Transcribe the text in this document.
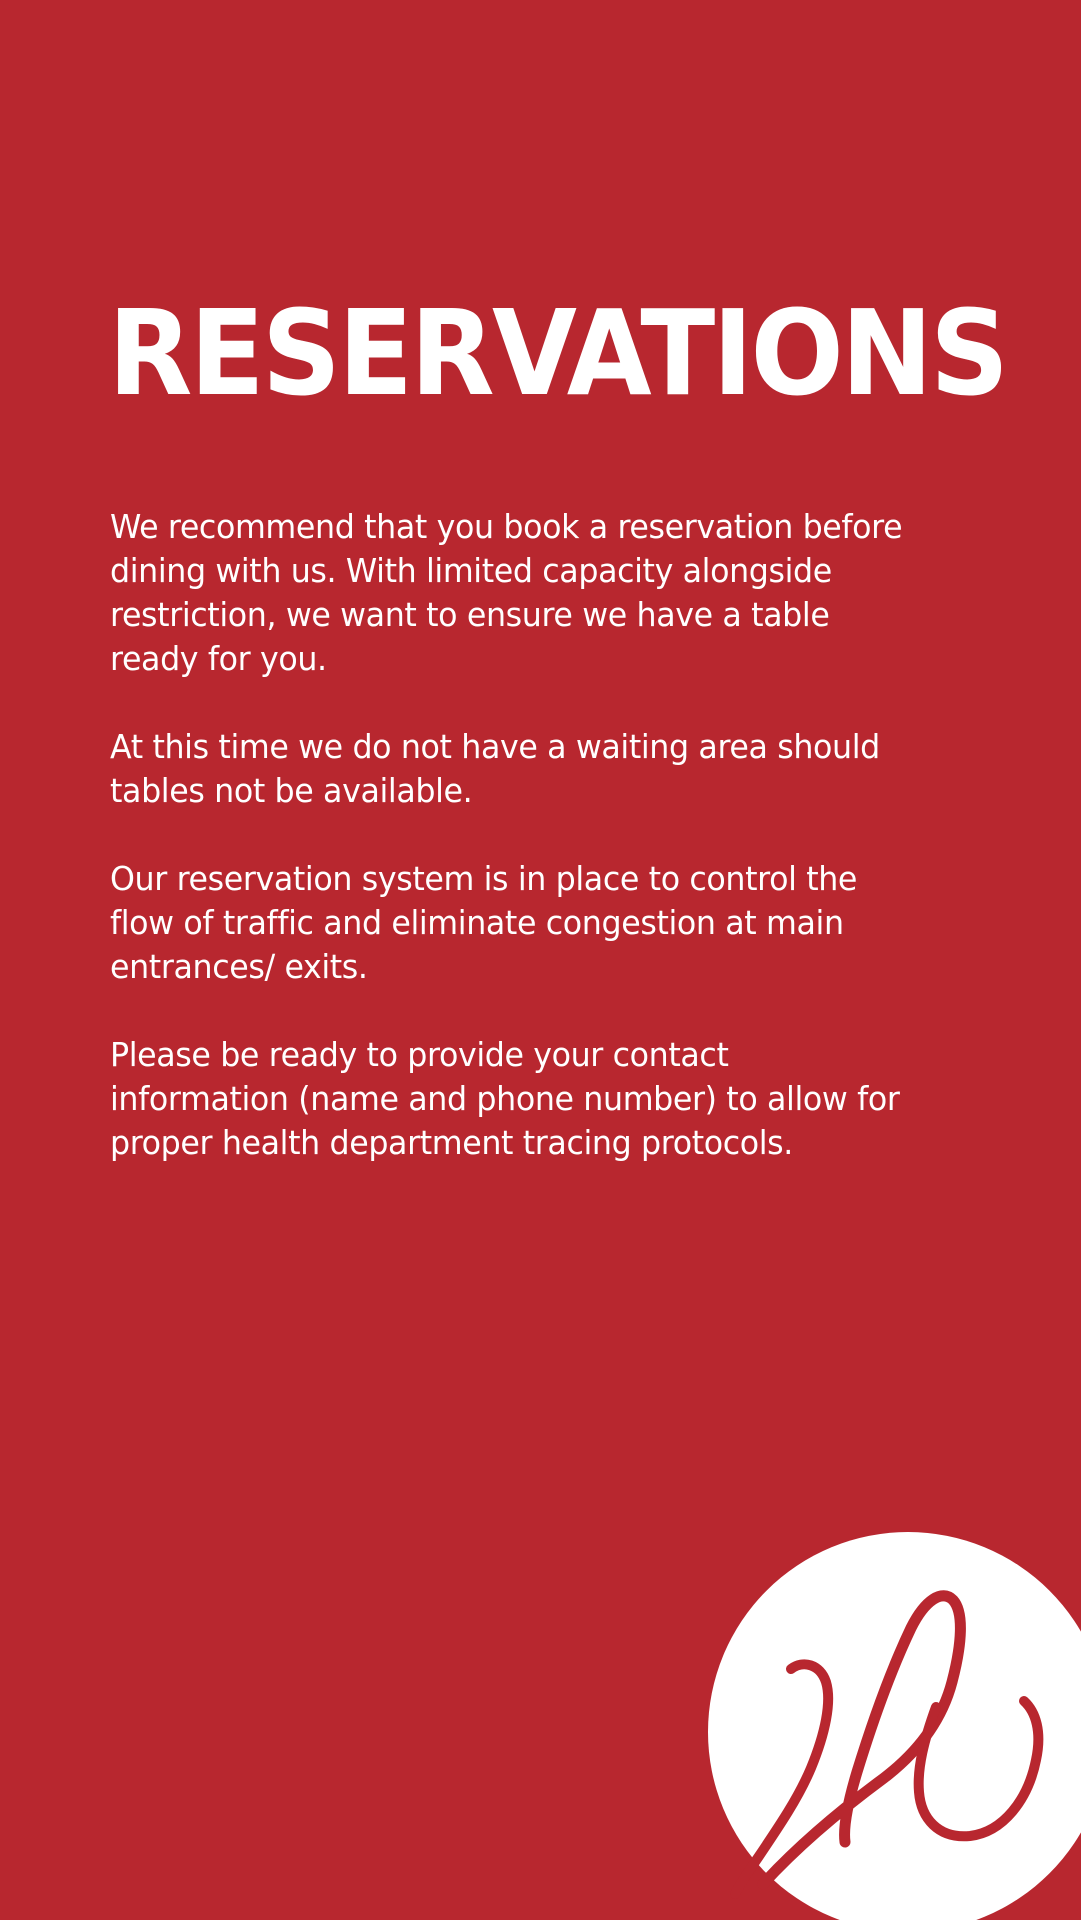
RESERVATIONS

We recommend that you book a reservation before
dining with us. With limited capacity alongside
restriction, we want to ensure we have a table
ready for you.

At this time we do not have a waiting area should
tables not be available.

Our reservation system is in place to control the
flow of traffic and eliminate congestion at main
entrances/ exits.

Please be ready to provide your contact
information (name and phone number) to allow for
proper health department tracing protocols.
